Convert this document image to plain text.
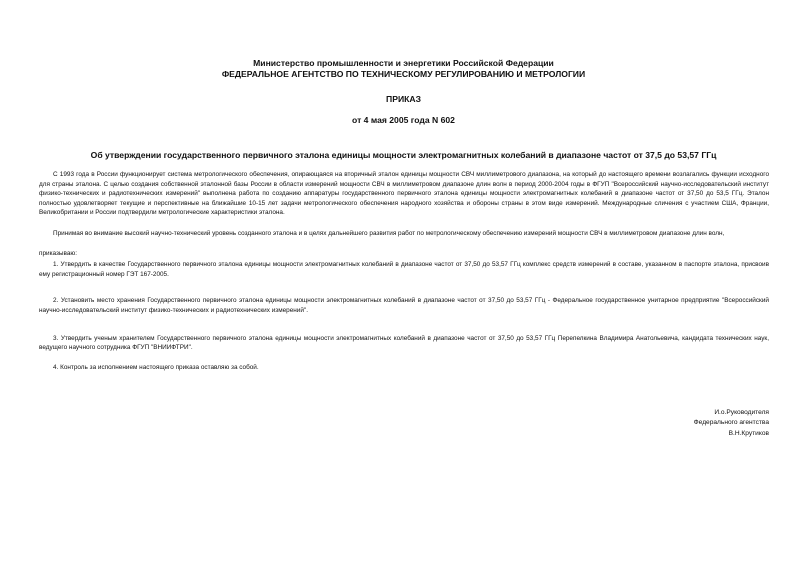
Министерство промышленности и энергетики Российской Федерации
ФЕДЕРАЛЬНОЕ АГЕНТСТВО ПО ТЕХНИЧЕСКОМУ РЕГУЛИРОВАНИЮ И МЕТРОЛОГИИ
ПРИКАЗ
от 4 мая 2005 года N 602
Об утверждении государственного первичного эталона единицы мощности электромагнитных колебаний в диапазоне частот от 37,5 до 53,57 ГГц

С 1993 года в России функционирует система метрологического обеспечения, опирающаяся на вторичный эталон единицы мощности СВЧ миллиметрового диапазона, на который до настоящего времени возлагались функции исходного для страны эталона. С целью создания собственной эталонной базы России в области измерений мощности СВЧ в миллиметровом диапазоне длин волн в период 2000-2004 годы в ФГУП "Всероссийский научно-исследовательский институт физико-технических и радиотехнических измерений" выполнена работа по созданию аппаратуры государственного первичного эталона единицы мощности электромагнитных колебаний в диапазоне частот от 37,50 до 53,5 ГГц. Эталон полностью удовлетворяет текущие и перспективные на ближайшие 10-15 лет задачи метрологического обеспечения народного хозяйства и обороны страны в этом виде измерений. Международные сличения с участием США, Франции, Великобритании и России подтвердили метрологические характеристики эталона.

Принимая во внимание высокий научно-технический уровень созданного эталона и в целях дальнейшего развития работ по метрологическому обеспечению измерений мощности СВЧ в миллиметровом диапазоне длин волн,

приказываю:

1. Утвердить в качестве Государственного первичного эталона единицы мощности электромагнитных колебаний в диапазоне частот от 37,50 до 53,57 ГГц комплекс средств измерений в составе, указанном в паспорте эталона, присвоив ему регистрационный номер ГЭТ 167-2005.

2. Установить место хранения Государственного первичного эталона единицы мощности электромагнитных колебаний в диапазоне частот от 37,50 до 53,57 ГГц - Федеральное государственное унитарное предприятие "Всероссийский научно-исследовательский институт физико-технических и радиотехнических измерений".

3. Утвердить ученым хранителем Государственного первичного эталона единицы мощности электромагнитных колебаний в диапазоне частот от 37,50 до 53,57 ГГц Перепелкина Владимира Анатольевича, кандидата технических наук, ведущего научного сотрудника ФГУП "ВНИИФТРИ".

4. Контроль за исполнением настоящего приказа оставляю за собой.

И.о.Руководителя
Федерального агентства
В.Н.Крутиков
